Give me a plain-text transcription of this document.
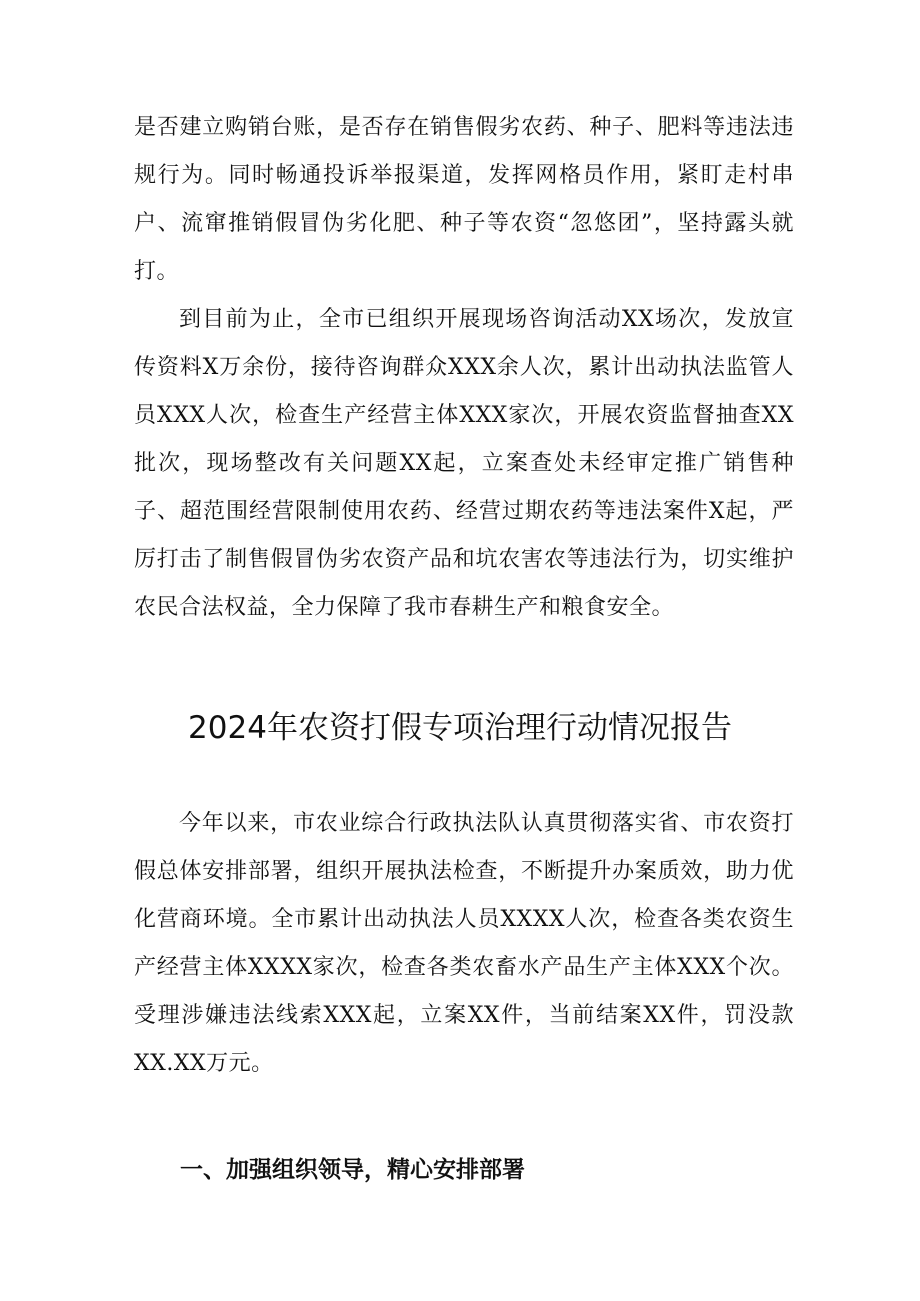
是否建立购销台账，是否存在销售假劣农药、种子、肥料等违法违规行为。同时畅通投诉举报渠道，发挥网格员作用，紧盯走村串户、流窜推销假冒伪劣化肥、种子等农资“忽悠团”，坚持露头就打。

到目前为止，全市已组织开展现场咨询活动XX场次，发放宣传资料X万余份，接待咨询群众XXX余人次，累计出动执法监管人员XXX人次，检查生产经营主体XXX家次，开展农资监督抽查XX批次，现场整改有关问题XX起，立案查处未经审定推广销售种子、超范围经营限制使用农药、经营过期农药等违法案件X起，严厉打击了制售假冒伪劣农资产品和坑农害农等违法行为，切实维护农民合法权益，全力保障了我市春耕生产和粮食安全。

2024年农资打假专项治理行动情况报告

今年以来，市农业综合行政执法队认真贯彻落实省、市农资打假总体安排部署，组织开展执法检查，不断提升办案质效，助力优化营商环境。全市累计出动执法人员XXXX人次，检查各类农资生产经营主体XXXX家次，检查各类农畜水产品生产主体XXX个次。受理涉嫌违法线索XXX起，立案XX件，当前结案XX件，罚没款XX.XX万元。

一、加强组织领导，精心安排部署
